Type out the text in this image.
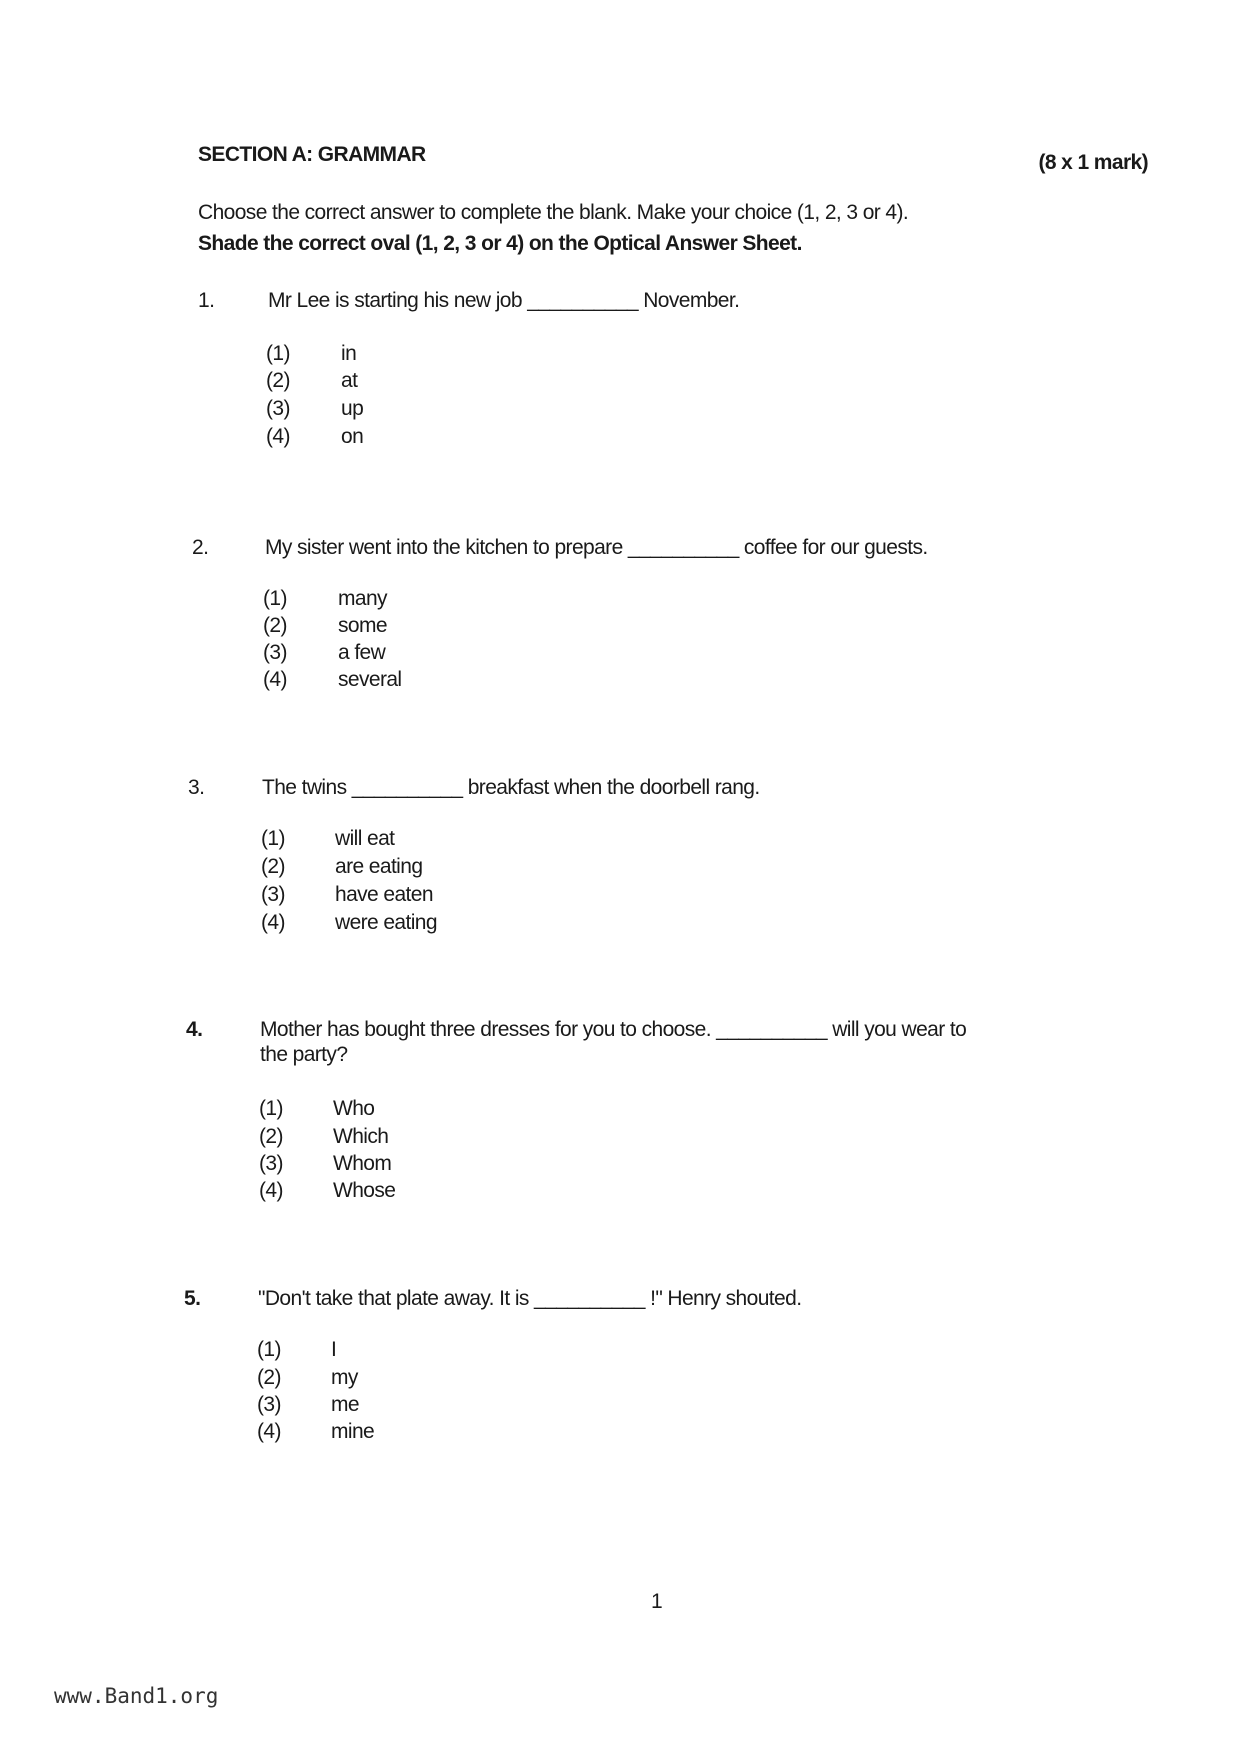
SECTION A: GRAMMAR	(8 x 1 mark)
Choose the correct answer to complete the blank. Make your choice (1, 2, 3 or 4).
Shade the correct oval (1, 2, 3 or 4) on the Optical Answer Sheet.
1.	Mr Lee is starting his new job __________ November.
(1) in
(2) at
(3) up
(4) on
2.	My sister went into the kitchen to prepare __________ coffee for our guests.
(1) many
(2) some
(3) a few
(4) several
3.	The twins __________ breakfast when the doorbell rang.
(1) will eat
(2) are eating
(3) have eaten
(4) were eating
4.	Mother has bought three dresses for you to choose. __________ will you wear to
the party?
(1) Who
(2) Which
(3) Whom
(4) Whose
5.	"Don't take that plate away. It is __________ !" Henry shouted.
(1) I
(2) my
(3) me
(4) mine
1
www.Band1.org
